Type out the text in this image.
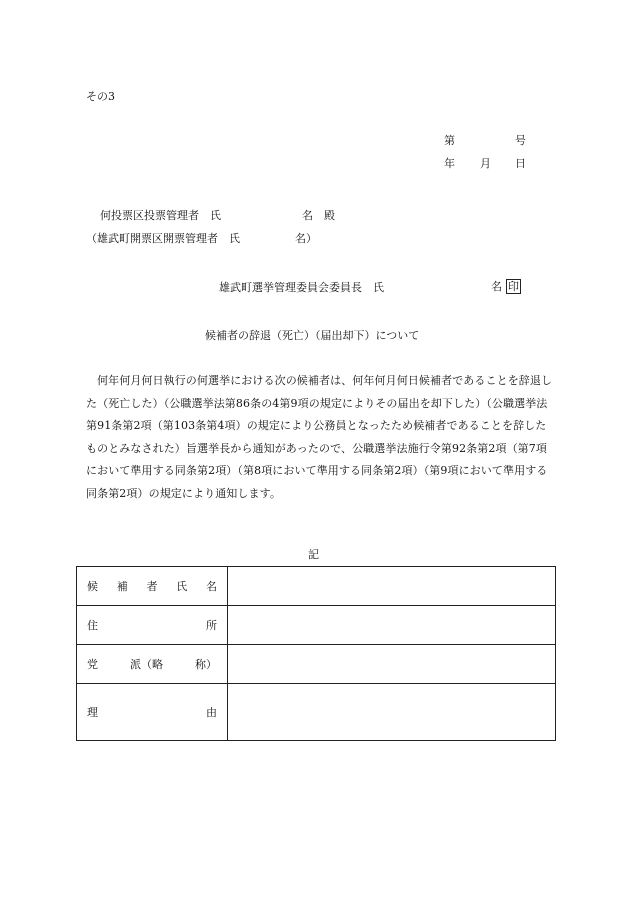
その3
第	号
年 月 日
何投票区投票管理者　氏	名　殿
（雄武町開票区開票管理者　氏	名）
雄武町選挙管理委員会委員長　氏	名 印
候補者の辞退（死亡）（届出却下）について
何年何月何日執行の何選挙における次の候補者は、何年何月何日候補者であることを辞退した（死亡した）（公職選挙法第86条の4第9項の規定によりその届出を却下した）（公職選挙法第91条第2項（第103条第4項）の規定により公務員となったため候補者であることを辞したものとみなされた）旨選挙長から通知があったので、公職選挙法施行令第92条第2項（第7項において準用する同条第2項）（第8項において準用する同条第2項）（第9項において準用する同条第2項）の規定により通知します。
記
候 補 者 氏 名	

住 所	

党 派（略 称）	

理 由	
